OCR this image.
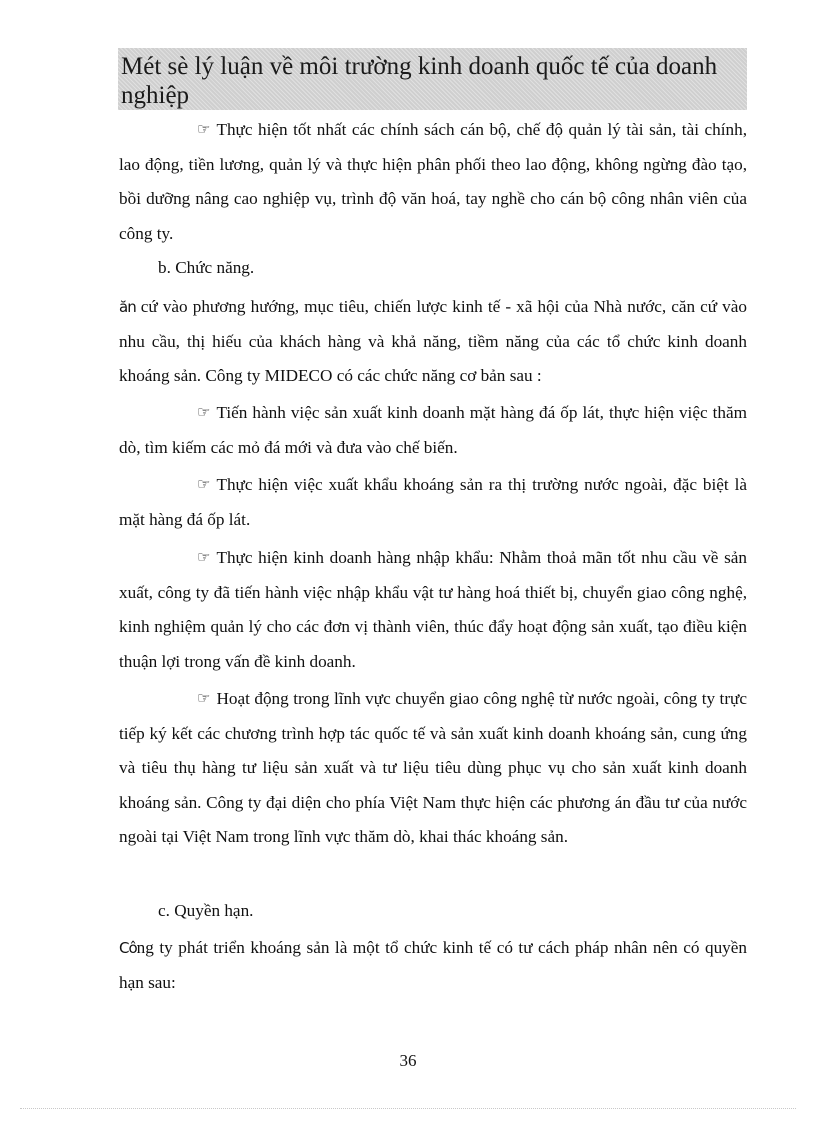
Mét sè lý luận về môi trường kinh doanh quốc tế của doanh nghiệp

☞ Thực hiện tốt nhất các chính sách cán bộ, chế độ quản lý tài sản, tài chính, lao động, tiền lương, quản lý và thực hiện phân phối theo lao động, không ngừng đào tạo, bồi dưỡng nâng cao nghiệp vụ, trình độ văn hoá, tay nghề cho cán bộ công nhân viên của công ty.

b. Chức năng.

ăn cứ vào phương hướng, mục tiêu, chiến lược kinh tế - xã hội của Nhà nước, căn cứ vào nhu cầu, thị hiếu của khách hàng và khả năng, tiềm năng của các tổ chức kinh doanh khoáng sản. Công ty MIDECO có các chức năng cơ bản sau :

☞ Tiến hành việc sản xuất kinh doanh mặt hàng đá ốp lát, thực hiện việc thăm dò, tìm kiếm các mỏ đá mới và đưa vào chế biến.

☞ Thực hiện việc xuất khẩu khoáng sản ra thị trường nước ngoài, đặc biệt là mặt hàng đá ốp lát.

☞ Thực hiện kinh doanh hàng nhập khẩu: Nhằm thoả mãn tốt nhu cầu về sản xuất, công ty đã tiến hành việc nhập khẩu vật tư hàng hoá thiết bị, chuyển giao công nghệ, kinh nghiệm quản lý cho các đơn vị thành viên, thúc đẩy hoạt động sản xuất, tạo điều kiện thuận lợi trong vấn đề kinh doanh.

☞ Hoạt động trong lĩnh vực chuyển giao công nghệ từ nước ngoài, công ty trực tiếp ký kết các chương trình hợp tác quốc tế và sản xuất kinh doanh khoáng sản, cung ứng và tiêu thụ hàng tư liệu sản xuất và tư liệu tiêu dùng phục vụ cho sản xuất kinh doanh khoáng sản. Công ty đại diện cho phía Việt Nam thực hiện các phương án đầu tư của nước ngoài tại Việt Nam trong lĩnh vực thăm dò, khai thác khoáng sản.

c. Quyền hạn.

Công ty phát triển khoáng sản là một tổ chức kinh tế có tư cách pháp nhân nên có quyền hạn sau:

36
